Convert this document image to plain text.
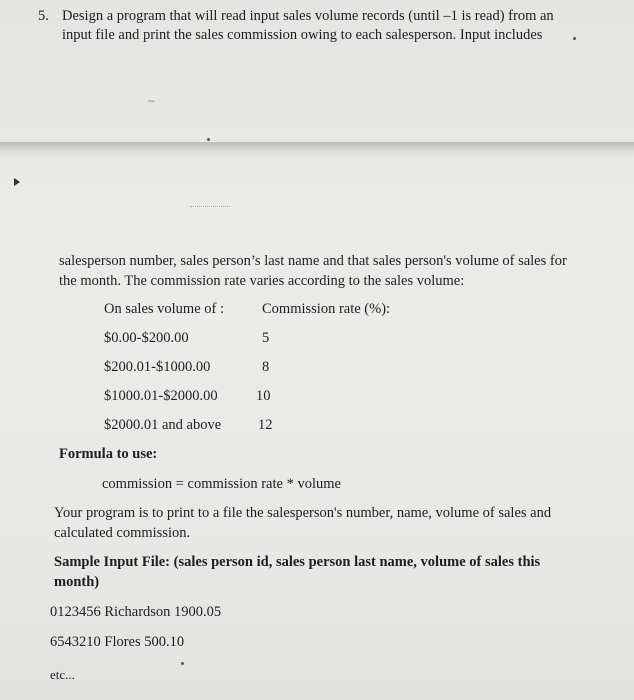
5. Design a program that will read input sales volume records (until –1 is read) from an
input file and print the sales commission owing to each salesperson. Input includes
~
salesperson number, sales person’s last name and that sales person's volume of sales for
the month. The commission rate varies according to the sales volume:
On sales volume of :	Commission rate (%):
$0.00-$200.00	5
$200.01-$1000.00	8
$1000.01-$2000.00	10
$2000.01 and above	12
Formula to use:
commission = commission rate * volume
Your program is to print to a file the salesperson's number, name, volume of sales and
calculated commission.
Sample Input File: (sales person id, sales person last name, volume of sales this
month)
0123456 Richardson 1900.05
6543210 Flores 500.10
etc...
